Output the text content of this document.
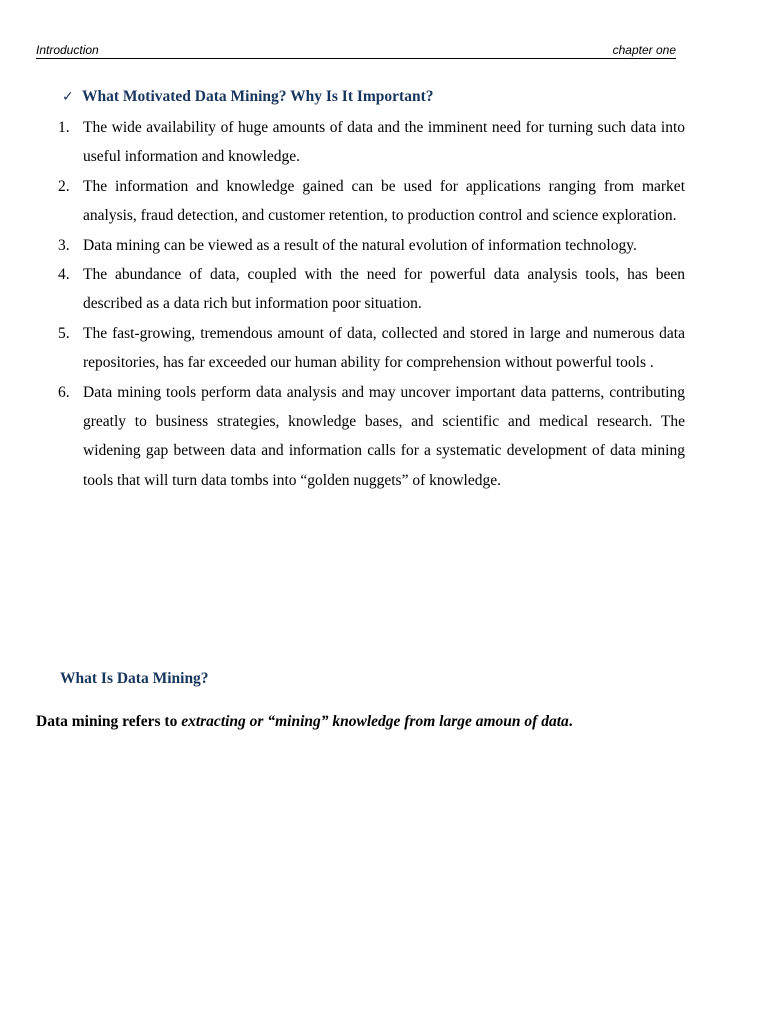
Introduction	chapter one
✓ What Motivated Data Mining? Why Is It Important?
1. The wide availability of huge amounts of data and the imminent need for turning such data into useful information and knowledge.
2. The information and knowledge gained can be used for applications ranging from market analysis, fraud detection, and customer retention, to production control and science exploration.
3. Data mining can be viewed as a result of the natural evolution of information technology.
4. The abundance of data, coupled with the need for powerful data analysis tools, has been described as a data rich but information poor situation.
5. The fast-growing, tremendous amount of data, collected and stored in large and numerous data repositories, has far exceeded our human ability for comprehension without powerful tools .
6. Data mining tools perform data analysis and may uncover important data patterns, contributing greatly to business strategies, knowledge bases, and scientific and medical research. The widening gap between data and information calls for a systematic development of data mining tools that will turn data tombs into “golden nuggets” of knowledge.
What Is Data Mining?
Data mining refers to extracting or “mining” knowledge from large amoun of data.
